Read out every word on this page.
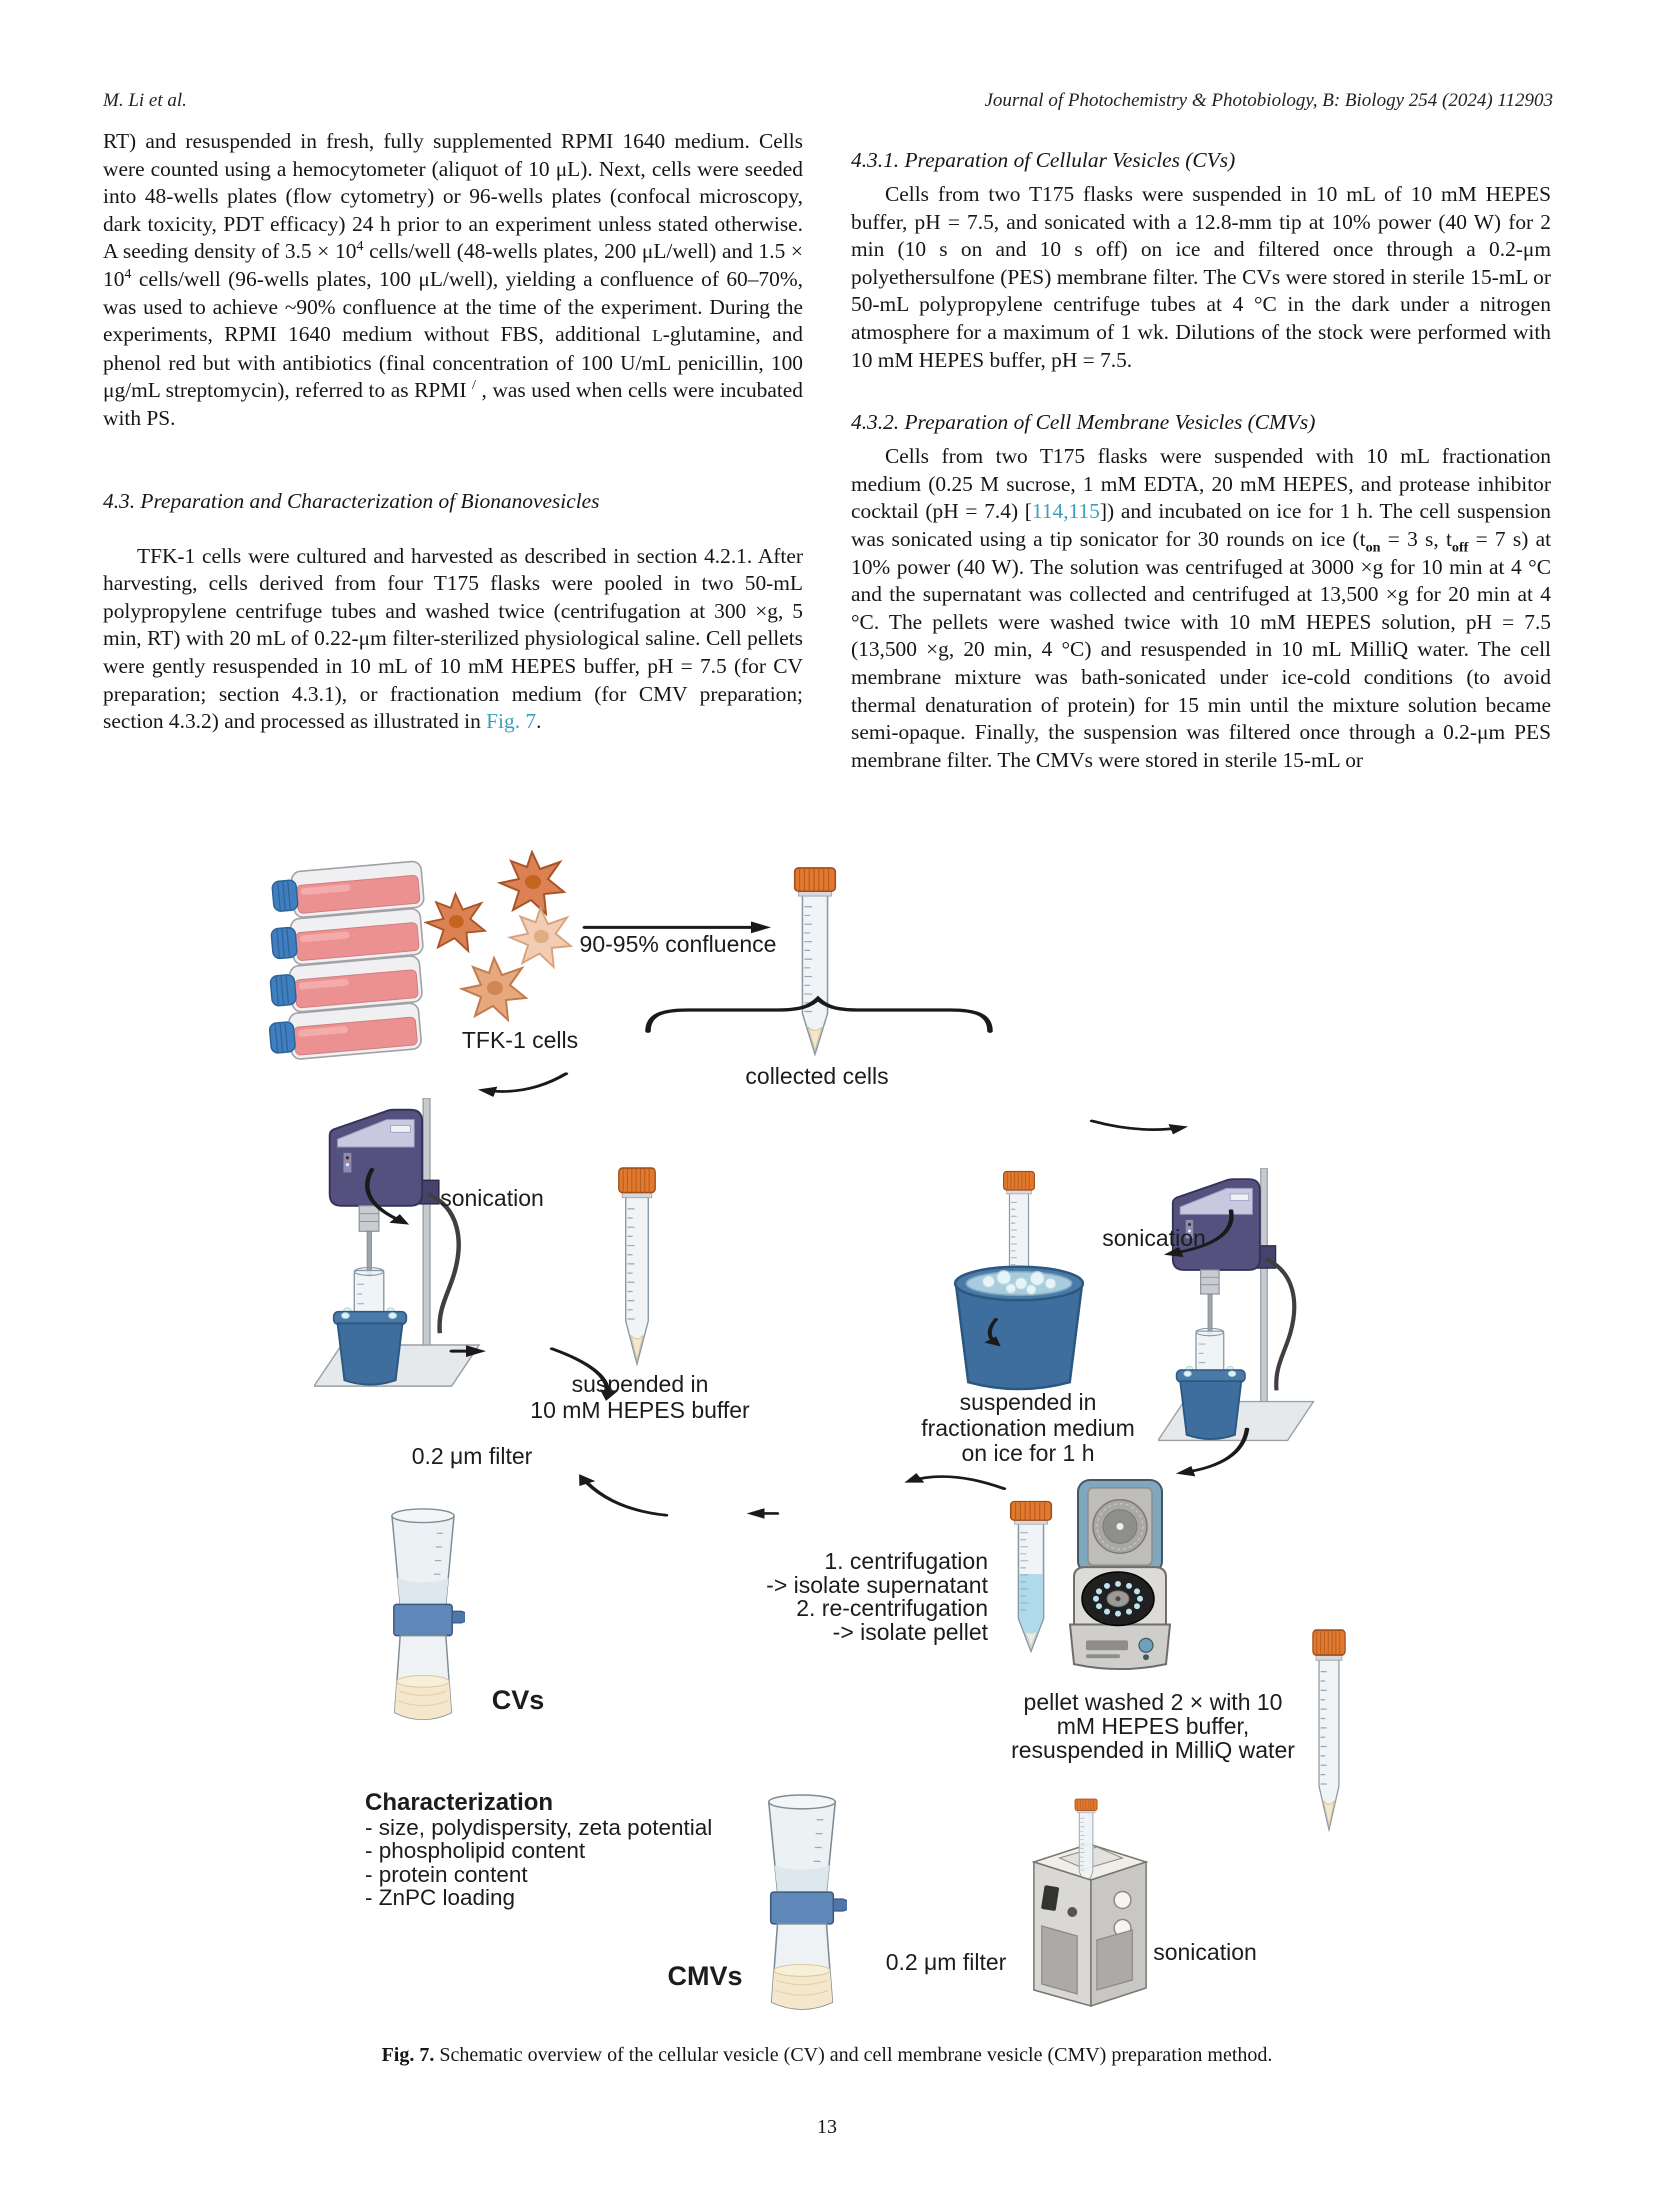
M. Li et al.	Journal of Photochemistry & Photobiology, B: Biology 254 (2024) 112903

RT) and resuspended in fresh, fully supplemented RPMI 1640 medium. Cells were counted using a hemocytometer (aliquot of 10 μL). Next, cells were seeded into 48-wells plates (flow cytometry) or 96-wells plates (confocal microscopy, dark toxicity, PDT efficacy) 24 h prior to an experiment unless stated otherwise. A seeding density of $3.5 \times 10^4$ cells/well (48-wells plates, 200 μL/well) and $1.5 \times 10^4$ cells/well (96-wells plates, 100 μL/well), yielding a confluence of 60–70%, was used to achieve ~90% confluence at the time of the experiment. During the experiments, RPMI 1640 medium without FBS, additional L-glutamine, and phenol red but with antibiotics (final concentration of 100 U/mL penicillin, 100 μg/mL streptomycin), referred to as RPMI / , was used when cells were incubated with PS.

4.3. Preparation and Characterization of Bionanovesicles

TFK-1 cells were cultured and harvested as described in section 4.2.1. After harvesting, cells derived from four T175 flasks were pooled in two 50-mL polypropylene centrifuge tubes and washed twice (centrifugation at 300 ×g, 5 min, RT) with 20 mL of 0.22-μm filter-sterilized physiological saline. Cell pellets were gently resuspended in 10 mL of 10 mM HEPES buffer, pH = 7.5 (for CV preparation; section 4.3.1), or fractionation medium (for CMV preparation; section 4.3.2) and processed as illustrated in Fig. 7.

4.3.1. Preparation of Cellular Vesicles (CVs)

Cells from two T175 flasks were suspended in 10 mL of 10 mM HEPES buffer, pH = 7.5, and sonicated with a 12.8-mm tip at 10% power (40 W) for 2 min (10 s on and 10 s off) on ice and filtered once through a 0.2-μm polyethersulfone (PES) membrane filter. The CVs were stored in sterile 15-mL or 50-mL polypropylene centrifuge tubes at 4 °C in the dark under a nitrogen atmosphere for a maximum of 1 wk. Dilutions of the stock were performed with 10 mM HEPES buffer, pH = 7.5.

4.3.2. Preparation of Cell Membrane Vesicles (CMVs)

Cells from two T175 flasks were suspended with 10 mL fractionation medium (0.25 M sucrose, 1 mM EDTA, 20 mM HEPES, and protease inhibitor cocktail (pH = 7.4) [114,115]) and incubated on ice for 1 h. The cell suspension was sonicated using a tip sonicator for 30 rounds on ice ($t_{on} = 3$ s, $t_{off} = 7$ s) at 10% power (40 W). The solution was centrifuged at 3000 ×g for 10 min at 4 °C and the supernatant was collected and centrifuged at 13,500 ×g for 20 min at 4 °C. The pellets were washed twice with 10 mM HEPES solution, pH = 7.5 (13,500 ×g, 20 min, 4 °C) and resuspended in 10 mL MilliQ water. The cell membrane mixture was bath-sonicated under ice-cold conditions (to avoid thermal denaturation of protein) for 15 min until the mixture solution became semi-opaque. Finally, the suspension was filtered once through a 0.2-μm PES membrane filter. The CMVs were stored in sterile 15-mL or

TFK-1 cells
90-95% confluence
collected cells
sonication
sonication
sonication
suspended in
10 mM HEPES buffer	suspended in
fractionation medium
on ice for 1 h
0.2 μm filter
0.2 μm filter
CVs
CMVs
Characterization
- size, polydispersity, zeta potential
- phospholipid content
- protein content
- ZnPC loading
1. centrifugation
-> isolate supernatant
2. re-centrifugation
-> isolate pellet
pellet washed 2 × with 10
mM HEPES buffer,
resuspended in MilliQ water
Fig. 7. Schematic overview of the cellular vesicle (CV) and cell membrane vesicle (CMV) preparation method.
13
